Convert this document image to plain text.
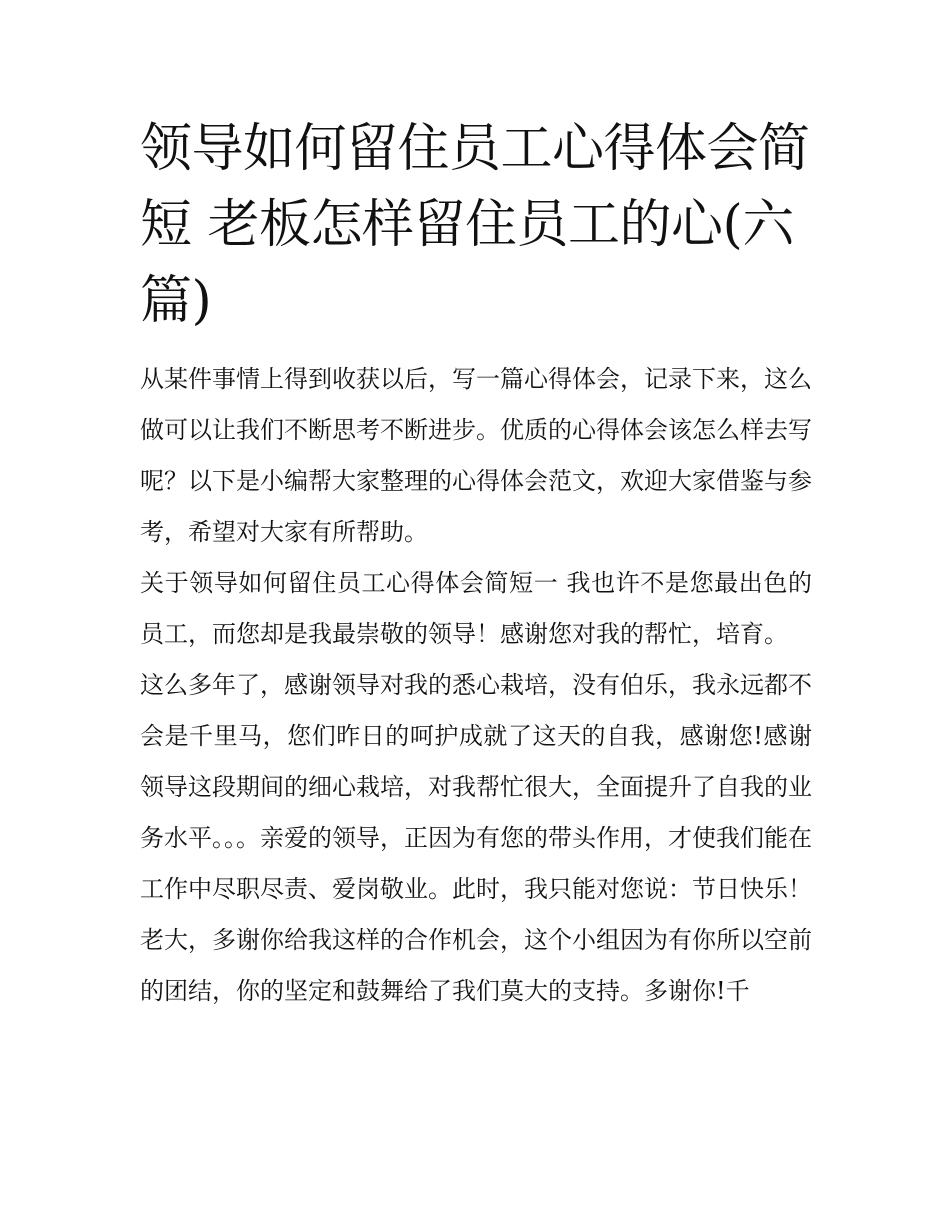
领导如何留住员工心得体会简短 老板怎样留住员工的心(六篇)

从某件事情上得到收获以后，写一篇心得体会，记录下来，这么做可以让我们不断思考不断进步。优质的心得体会该怎么样去写呢？以下是小编帮大家整理的心得体会范文，欢迎大家借鉴与参考，希望对大家有所帮助。

关于领导如何留住员工心得体会简短一 我也许不是您最出色的员工，而您却是我最崇敬的领导！感谢您对我的帮忙，培育。

这么多年了，感谢领导对我的悉心栽培，没有伯乐，我永远都不会是千里马，您们昨日的呵护成就了这天的自我，感谢您!感谢领导这段期间的细心栽培，对我帮忙很大，全面提升了自我的业务水平。。。亲爱的领导，正因为有您的带头作用，才使我们能在工作中尽职尽责、爱岗敬业。此时，我只能对您说：节日快乐！

老大，多谢你给我这样的合作机会，这个小组因为有你所以空前的团结，你的坚定和鼓舞给了我们莫大的支持。多谢你!千
